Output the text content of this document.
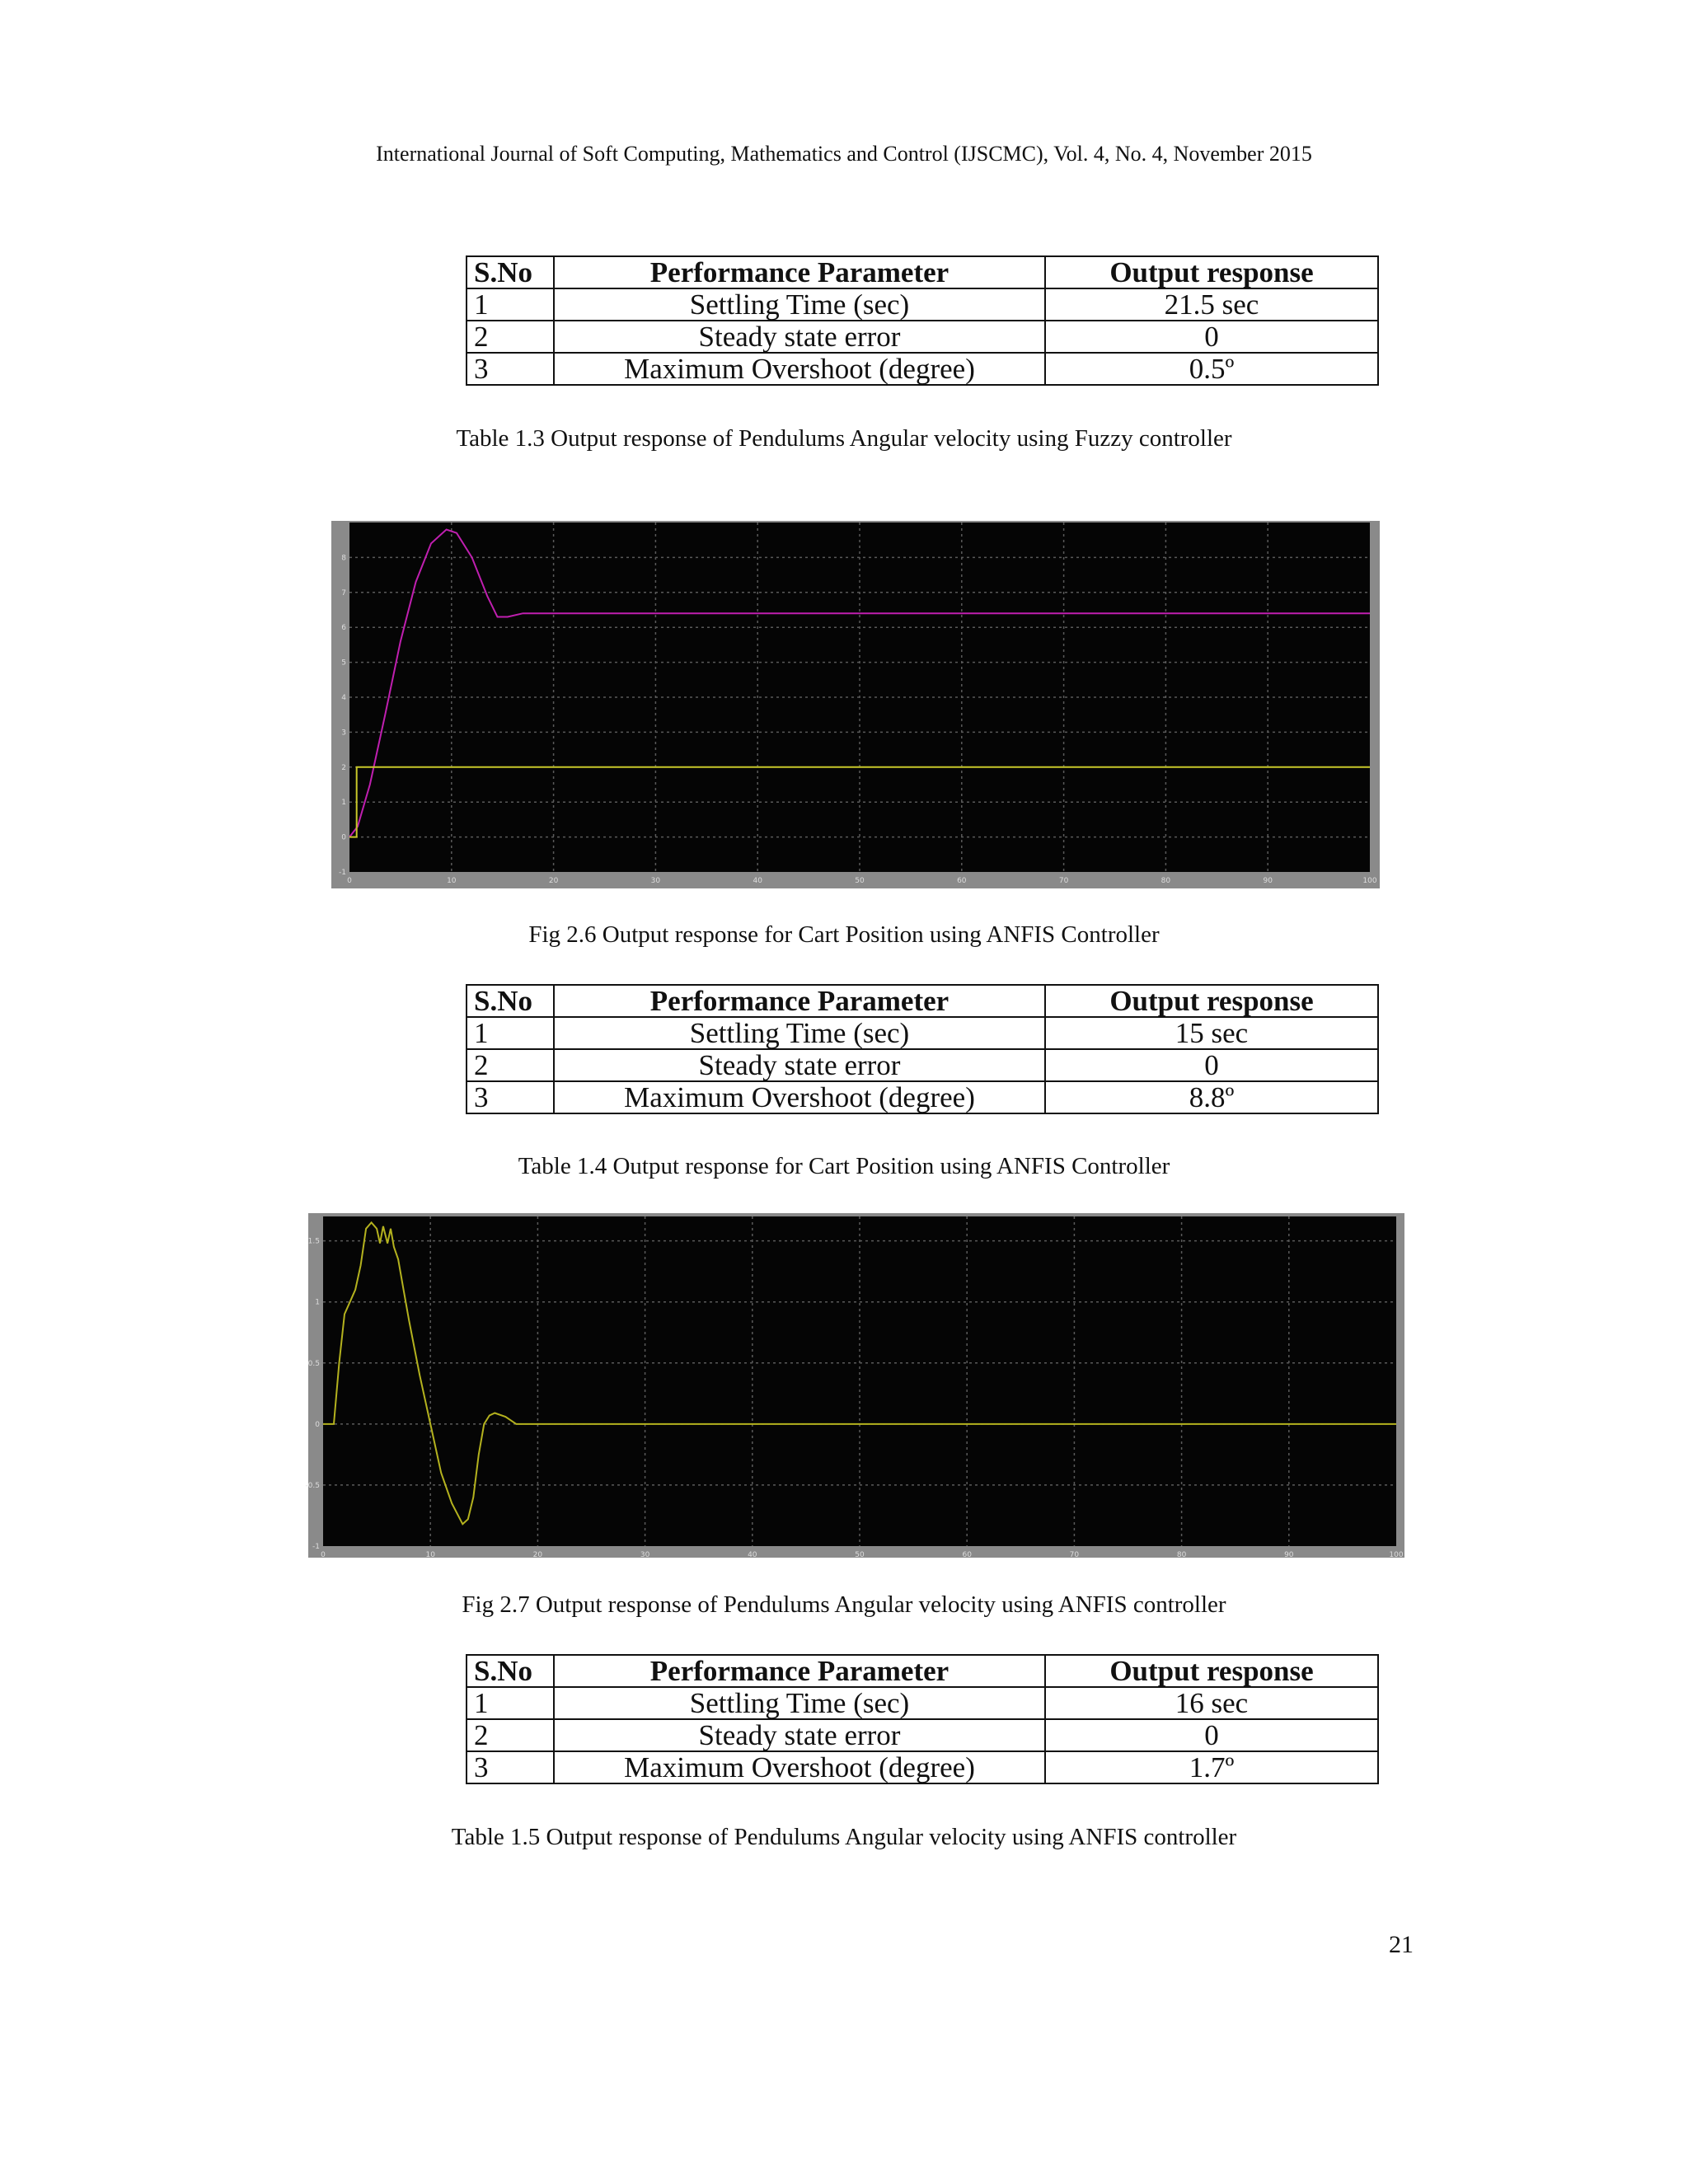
International Journal of Soft Computing, Mathematics and Control (IJSCMC), Vol. 4, No. 4, November 2015
S.No	Performance Parameter	Output response
1	Settling Time (sec)	21.5 sec
2	Steady state error	0
3	Maximum Overshoot (degree)	0.5º
Table 1.3 Output response of Pendulums Angular velocity using Fuzzy controller
0	10	20	30	40	50	60	70	80	90	100
-1
0
1
2
3
4
5
6
7
8
Fig 2.6 Output response for Cart Position using ANFIS Controller
S.No	Performance Parameter	Output response
1	Settling Time (sec)	15 sec
2	Steady state error	0
3	Maximum Overshoot (degree)	8.8º
Table 1.4 Output response for Cart Position using ANFIS Controller
0	10	20	30	40	50	60	70	80	90	100
-1
-0.5
0
0.5
1
1.5
Fig 2.7 Output response of Pendulums Angular velocity using ANFIS controller
S.No	Performance Parameter	Output response
1	Settling Time (sec)	16 sec
2	Steady state error	0
3	Maximum Overshoot (degree)	1.7º
Table 1.5 Output response of Pendulums Angular velocity using ANFIS controller
21
